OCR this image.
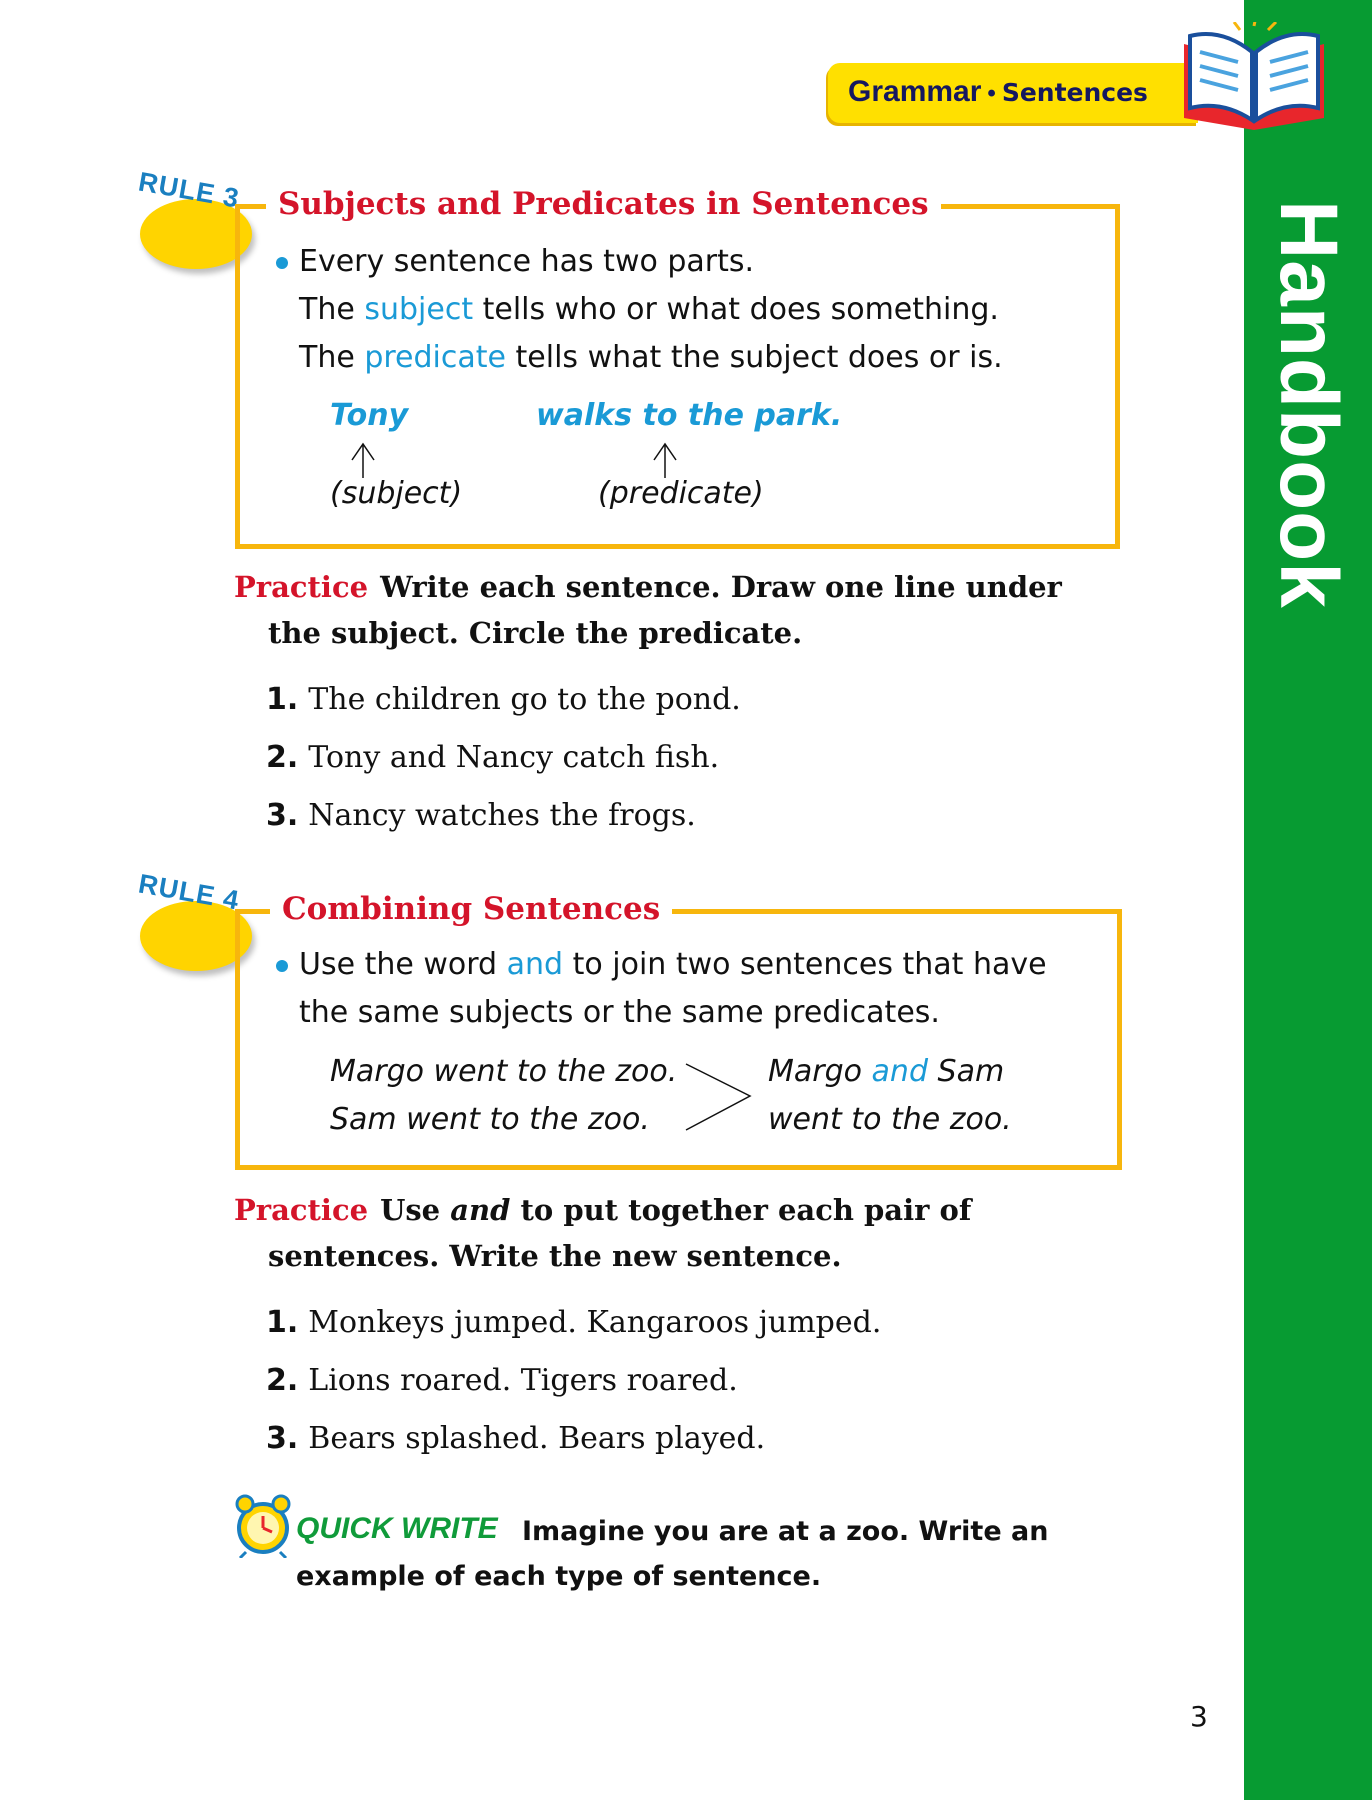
Handbook
Grammar • Sentences
RULE 3	Subjects and Predicates in Sentences
Every sentence has two parts.
The subject tells who or what does something.
The predicate tells what the subject does or is.
Tony	walks to the park.
(subject)	(predicate)
Practice Write each sentence. Draw one line under
the subject. Circle the predicate.
1. The children go to the pond.
2. Tony and Nancy catch fish.
3. Nancy watches the frogs.
RULE 4	Combining Sentences
Use the word and to join two sentences that have
the same subjects or the same predicates.
Margo went to the zoo.
Sam went to the zoo.
Margo and Sam
went to the zoo.
Practice Use and to put together each pair of
sentences. Write the new sentence.
1. Monkeys jumped. Kangaroos jumped.
2. Lions roared. Tigers roared.
3. Bears splashed. Bears played.
QUICK WRITE Imagine you are at a zoo. Write an
example of each type of sentence.
3
